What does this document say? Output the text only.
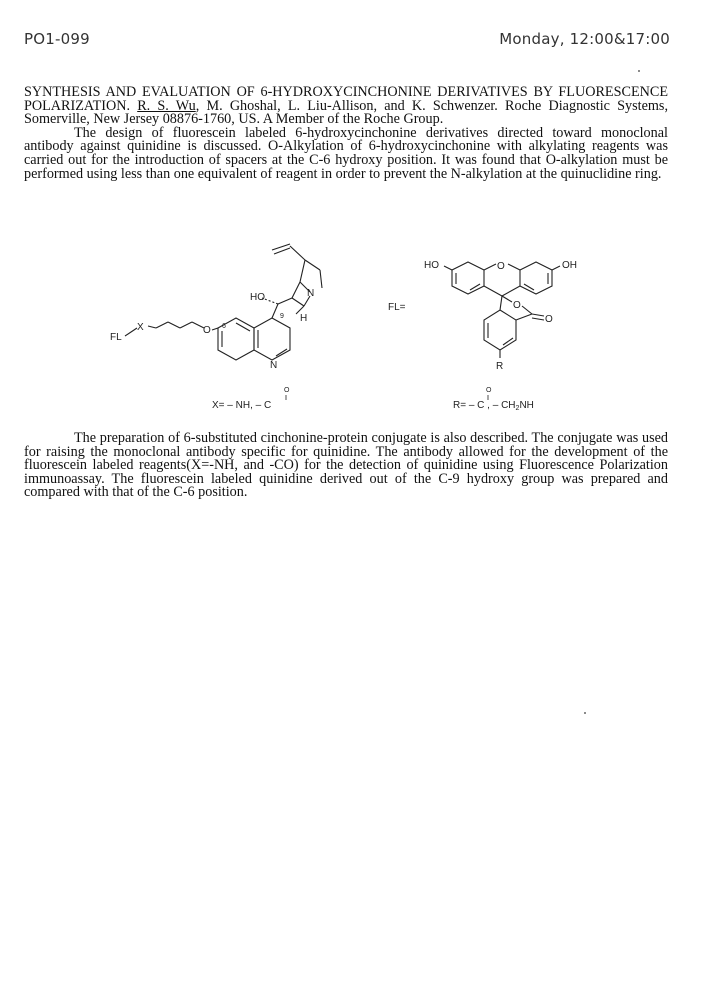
PO1-099	Monday, 12:00&17:00

SYNTHESIS AND EVALUATION OF 6-HYDROXYCINCHONINE DERIVATIVES BY FLUORESCENCE POLARIZATION. R. S. Wu, M. Ghoshal, L. Liu-Allison, and K. Schwenzer. Roche Diagnostic Systems, Somerville, New Jersey 08876-1760, US. A Member of the Roche Group.

The design of fluorescein labeled 6-hydroxycinchonine derivatives directed toward monoclonal antibody against quinidine is discussed. O-Alkylation of 6-hydroxycinchonine with alkylating reagents was carried out for the introduction of spacers at the C-6 hydroxy position. It was found that O-alkylation must be performed using less than one equivalent of reagent in order to prevent the N-alkylation at the quinuclidine ring.

FL
X	O 6
HO
9 H
N
N
X= – NH, – C
O
FL=
HO	O	OH
O
O
R
R= – C , – $CH_2NH$
O

The preparation of 6-substituted cinchonine-protein conjugate is also described. The conjugate was used for raising the monoclonal antibody specific for quinidine. The antibody allowed for the development of the fluorescein labeled reagents(X=-NH, and -CO) for the detection of quinidine using Fluorescence Polarization immunoassay. The fluorescein labeled quinidine derived out of the C-9 hydroxy group was prepared and compared with that of the C-6 position.
